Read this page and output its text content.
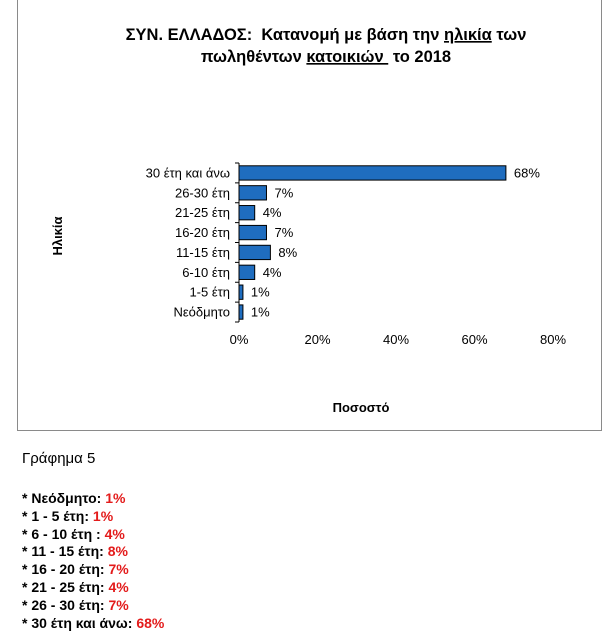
ΣΥΝ. ΕΛΛΑΔΟΣ:  Κατανομή με βάση την ηλικία των
πωληθέντων κατοικιών  το 2018
1%
Νεόδμητο
1%
1-5 έτη
4%
6-10 έτη
8%
11-15 έτη
7%
16-20 έτη
4%
21-25 έτη
7%
26-30 έτη
68%
30 έτη και άνω
0%	20%	40%	60%	80%
Ποσοστό
Ηλικία
Γράφημα 5
* Νεόδμητο: 1%
* 1 - 5 έτη: 1%
* 6 - 10 έτη : 4%
* 11 - 15 έτη: 8%
* 16 - 20 έτη: 7%
* 21 - 25 έτη: 4%
* 26 - 30 έτη: 7%
* 30 έτη και άνω: 68%
